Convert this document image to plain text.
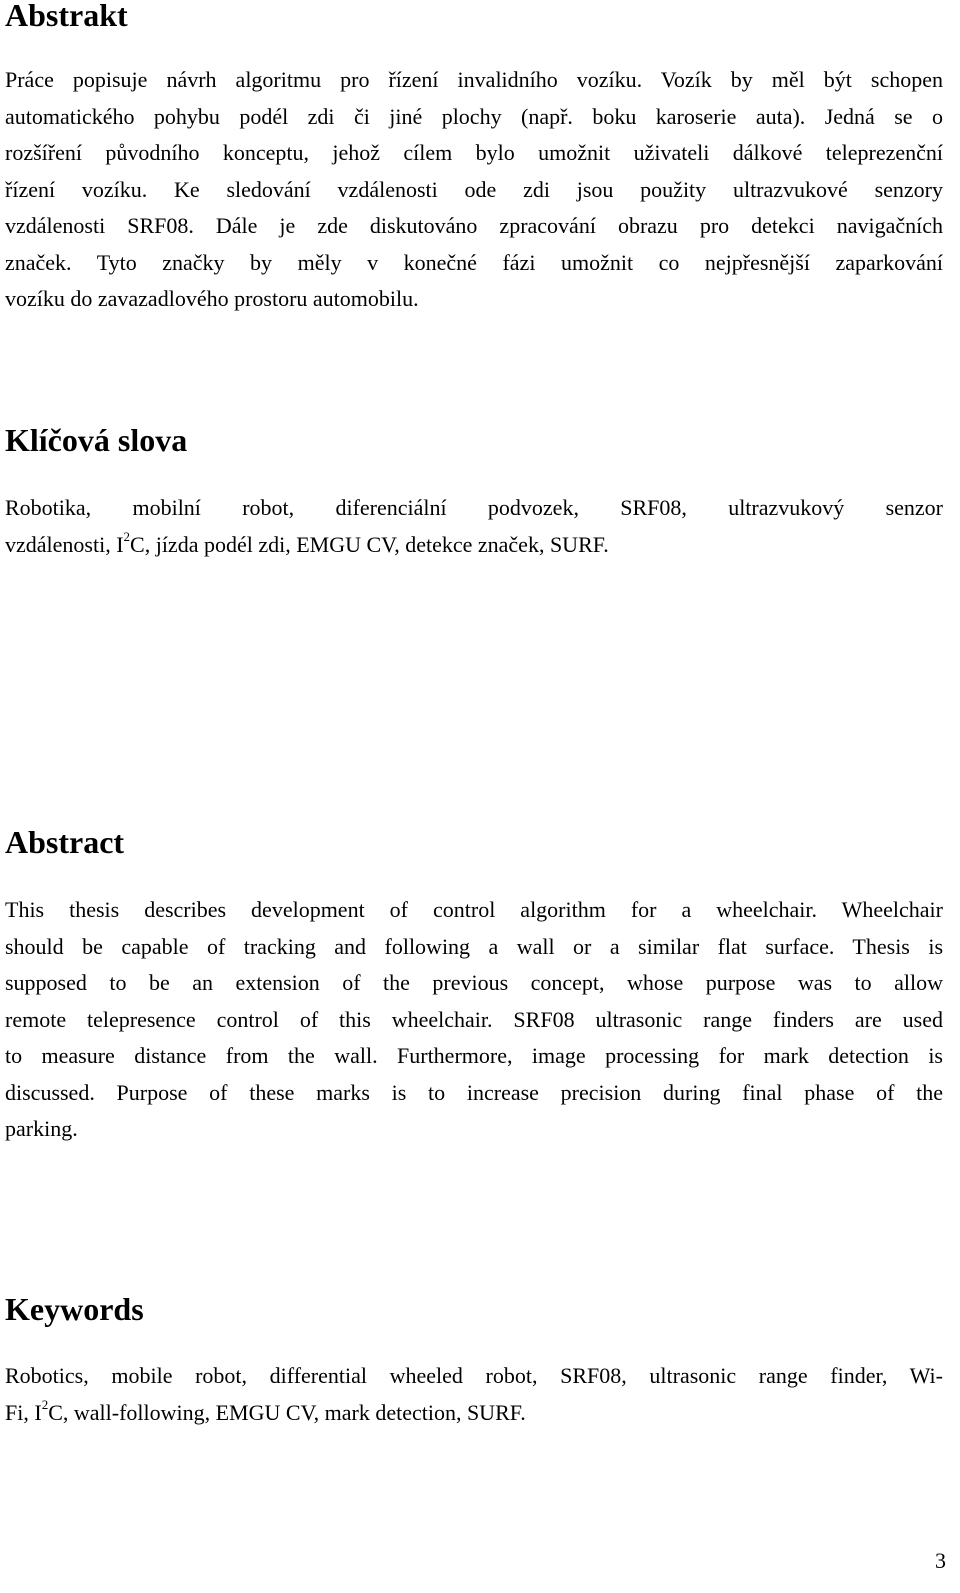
Abstrakt
Práce popisuje návrh algoritmu pro řízení invalidního vozíku. Vozík by měl být schopen
automatického pohybu podél zdi či jiné plochy (např. boku karoserie auta). Jedná se o
rozšíření původního konceptu, jehož cílem bylo umožnit uživateli dálkové teleprezenční
řízení vozíku. Ke sledování vzdálenosti ode zdi jsou použity ultrazvukové senzory
vzdálenosti SRF08. Dále je zde diskutováno zpracování obrazu pro detekci navigačních
značek. Tyto značky by měly v konečné fázi umožnit co nejpřesnější zaparkování
vozíku do zavazadlového prostoru automobilu.
Klíčová slova
Robotika, mobilní robot, diferenciální podvozek, SRF08, ultrazvukový senzor
vzdálenosti, $I^2C$, jízda podél zdi, EMGU CV, detekce značek, SURF.
Abstract
This thesis describes development of control algorithm for a wheelchair. Wheelchair
should be capable of tracking and following a wall or a similar flat surface. Thesis is
supposed to be an extension of the previous concept, whose purpose was to allow
remote telepresence control of this wheelchair. SRF08 ultrasonic range finders are used
to measure distance from the wall. Furthermore, image processing for mark detection is
discussed. Purpose of these marks is to increase precision during final phase of the
parking.
Keywords
Robotics, mobile robot, differential wheeled robot, SRF08, ultrasonic range finder, Wi-
Fi, $I^2C$, wall-following, EMGU CV, mark detection, SURF.
3
